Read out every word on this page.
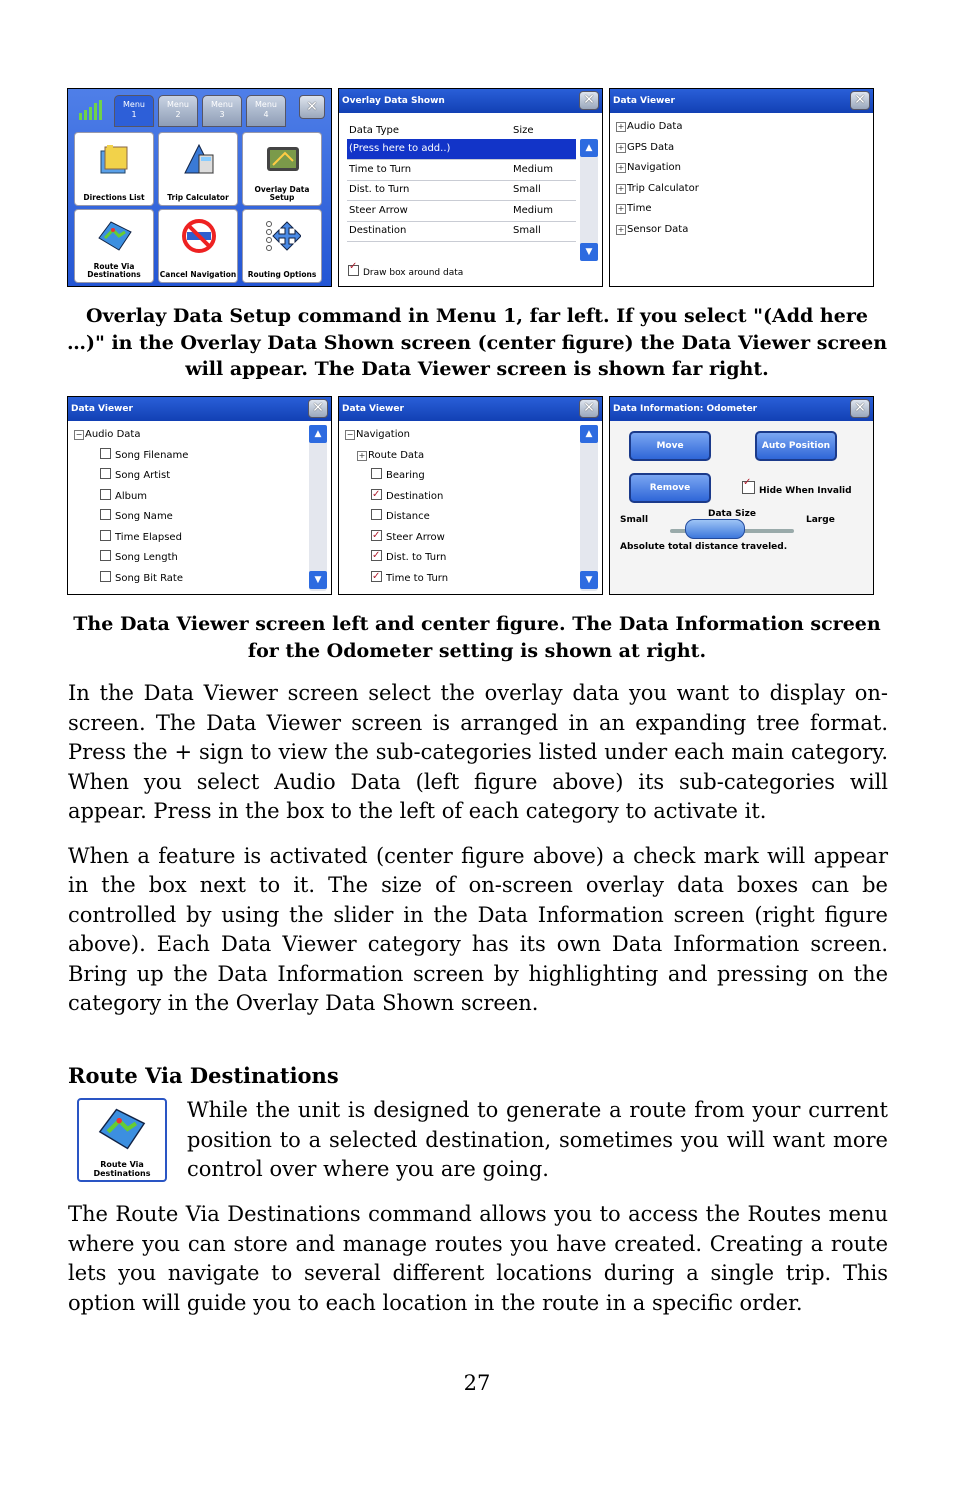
Menu
1
Menu
2
Menu
3
Menu
4	✕
Directions List	Trip Calculator
Overlay Data Setup
Route Via Destinations	Cancel Navigation	Routing Options
Overlay Data Shown	✕
Data Type	Size
(Press here to add..)
Time to Turn	Medium
Dist. to Turn	Small
Steer Arrow	Medium
Destination	Small
▲
▼
✓Draw box around data
Data Viewer	✕
+ Audio Data
+ GPS Data
+ Navigation
+ Trip Calculator
+ Time
+ Sensor Data
Overlay Data Setup command in Menu 1, far left. If you select "(Add here …)" in the Overlay Data Shown screen (center figure) the Data Viewer screen will appear. The Data Viewer screen is shown far right.
Data Viewer	✕
− Audio Data
Song Filename
Song Artist
Album
Song Name
Time Elapsed
Song Length
Song Bit Rate
▲
▼
Data Viewer	✕
− Navigation
+ Route Data
Bearing
✓Destination
Distance
✓Steer Arrow
✓Dist. to Turn
✓Time to Turn
▲
▼
Data Information: Odometer	✕
Move	Auto Position
Remove
✓	Hide When Invalid
Data Size
Small	Large
Absolute total distance traveled.
The Data Viewer screen left and center figure. The Data Information screen for the Odometer setting is shown at right.

In the Data Viewer screen select the overlay data you want to display on-screen. The Data Viewer screen is arranged in an expanding tree format. Press the + sign to view the sub-categories listed under each main category. When you select Audio Data (left figure above) its sub-categories will appear. Press in the box to the left of each category to activate it.

When a feature is activated (center figure above) a check mark will appear in the box next to it. The size of on-screen overlay data boxes can be controlled by using the slider in the Data Information screen (right figure above). Each Data Viewer category has its own Data Information screen. Bring up the Data Information screen by highlighting and pressing on the category in the Overlay Data Shown screen.

Route Via Destinations
Route Via Destinations
While the unit is designed to generate a route from your current position to a selected destination, sometimes you will want more control over where you are going.
The Route Via Destinations command allows you to access the Routes menu where you can store and manage routes you have created. Creating a route lets you navigate to several different locations during a single trip. This option will guide you to each location in the route in a specific order.
27
